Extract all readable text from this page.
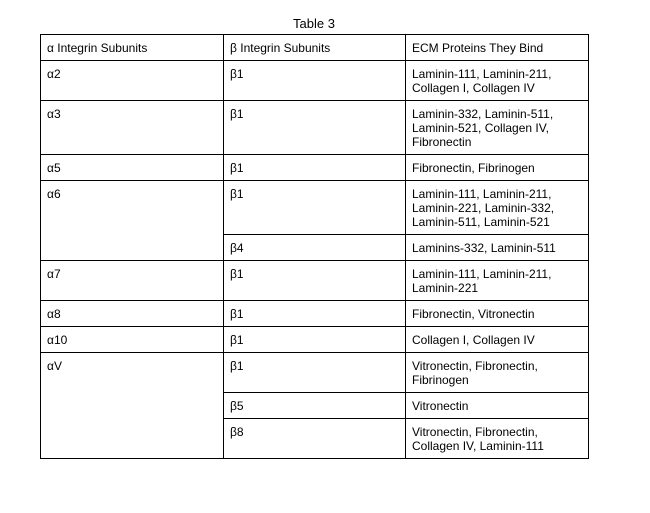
Table 3
α Integrin Subunits	β Integrin Subunits	ECM Proteins They Bind
α2	β1	Laminin-111, Laminin-211, Collagen I, Collagen IV
α3	β1	Laminin-332, Laminin-511, Laminin-521, Collagen IV, Fibronectin
α5	β1	Fibronectin, Fibrinogen
α6	β1	Laminin-111, Laminin-211, Laminin-221, Laminin-332, Laminin-511, Laminin-521
	β4	Laminins-332, Laminin-511
α7	β1	Laminin-111, Laminin-211, Laminin-221
α8	β1	Fibronectin, Vitronectin
α10	β1	Collagen I, Collagen IV
αV	β1	Vitronectin, Fibronectin, Fibrinogen
	β5	Vitronectin
	β8	Vitronectin, Fibronectin, Collagen IV, Laminin-111
